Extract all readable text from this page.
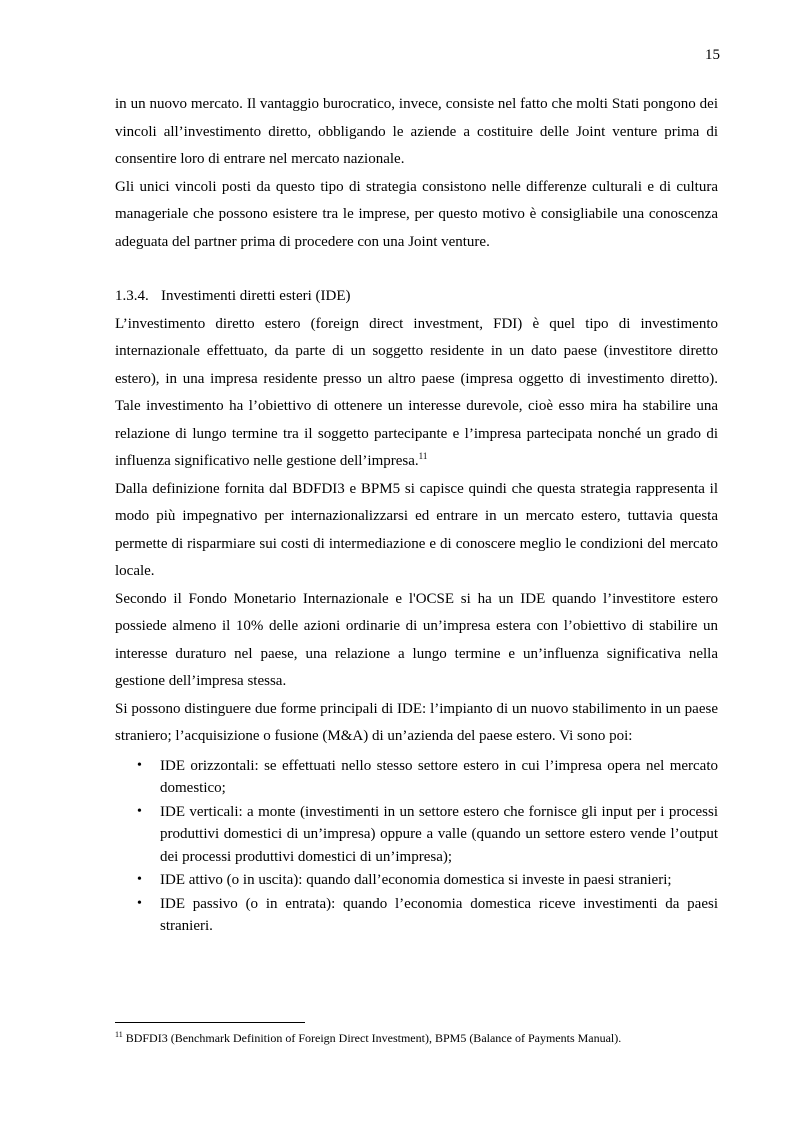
15

in un nuovo mercato. Il vantaggio burocratico, invece, consiste nel fatto che molti Stati pongono dei vincoli all’investimento diretto, obbligando le aziende a costituire delle Joint venture prima di consentire loro di entrare nel mercato nazionale.

Gli unici vincoli posti da questo tipo di strategia consistono nelle differenze culturali e di cultura manageriale che possono esistere tra le imprese, per questo motivo è consigliabile una conoscenza adeguata del partner prima di procedere con una Joint venture.

1.3.4. Investimenti diretti esteri (IDE)

L’investimento diretto estero (foreign direct investment, FDI) è quel tipo di investimento internazionale effettuato, da parte di un soggetto residente in un dato paese (investitore diretto estero), in una impresa residente presso un altro paese (impresa oggetto di investimento diretto). Tale investimento ha l’obiettivo di ottenere un interesse durevole, cioè esso mira ha stabilire una relazione di lungo termine tra il soggetto partecipante e l’impresa partecipata nonché un grado di influenza significativo nelle gestione dell’impresa.$^{11}$

Dalla definizione fornita dal BDFDI3 e BPM5 si capisce quindi che questa strategia rappresenta il modo più impegnativo per internazionalizzarsi ed entrare in un mercato estero, tuttavia questa permette di risparmiare sui costi di intermediazione e di conoscere meglio le condizioni del mercato locale.

Secondo il Fondo Monetario Internazionale e l'OCSE si ha un IDE quando l’investitore estero possiede almeno il 10% delle azioni ordinarie di un’impresa estera con l’obiettivo di stabilire un interesse duraturo nel paese, una relazione a lungo termine e un’influenza significativa nella gestione dell’impresa stessa.

Si possono distinguere due forme principali di IDE: l’impianto di un nuovo stabilimento in un paese straniero; l’acquisizione o fusione (M&A) di un’azienda del paese estero. Vi sono poi:

• IDE orizzontali: se effettuati nello stesso settore estero in cui l’impresa opera nel mercato domestico;
• IDE verticali: a monte (investimenti in un settore estero che fornisce gli input per i processi produttivi domestici di un’impresa) oppure a valle (quando un settore estero vende l’output dei processi produttivi domestici di un’impresa);
• IDE attivo (o in uscita): quando dall’economia domestica si investe in paesi stranieri;
• IDE passivo (o in entrata): quando l’economia domestica riceve investimenti da paesi stranieri.
$^{11}$ BDFDI3 (Benchmark Definition of Foreign Direct Investment), BPM5 (Balance of Payments Manual).
